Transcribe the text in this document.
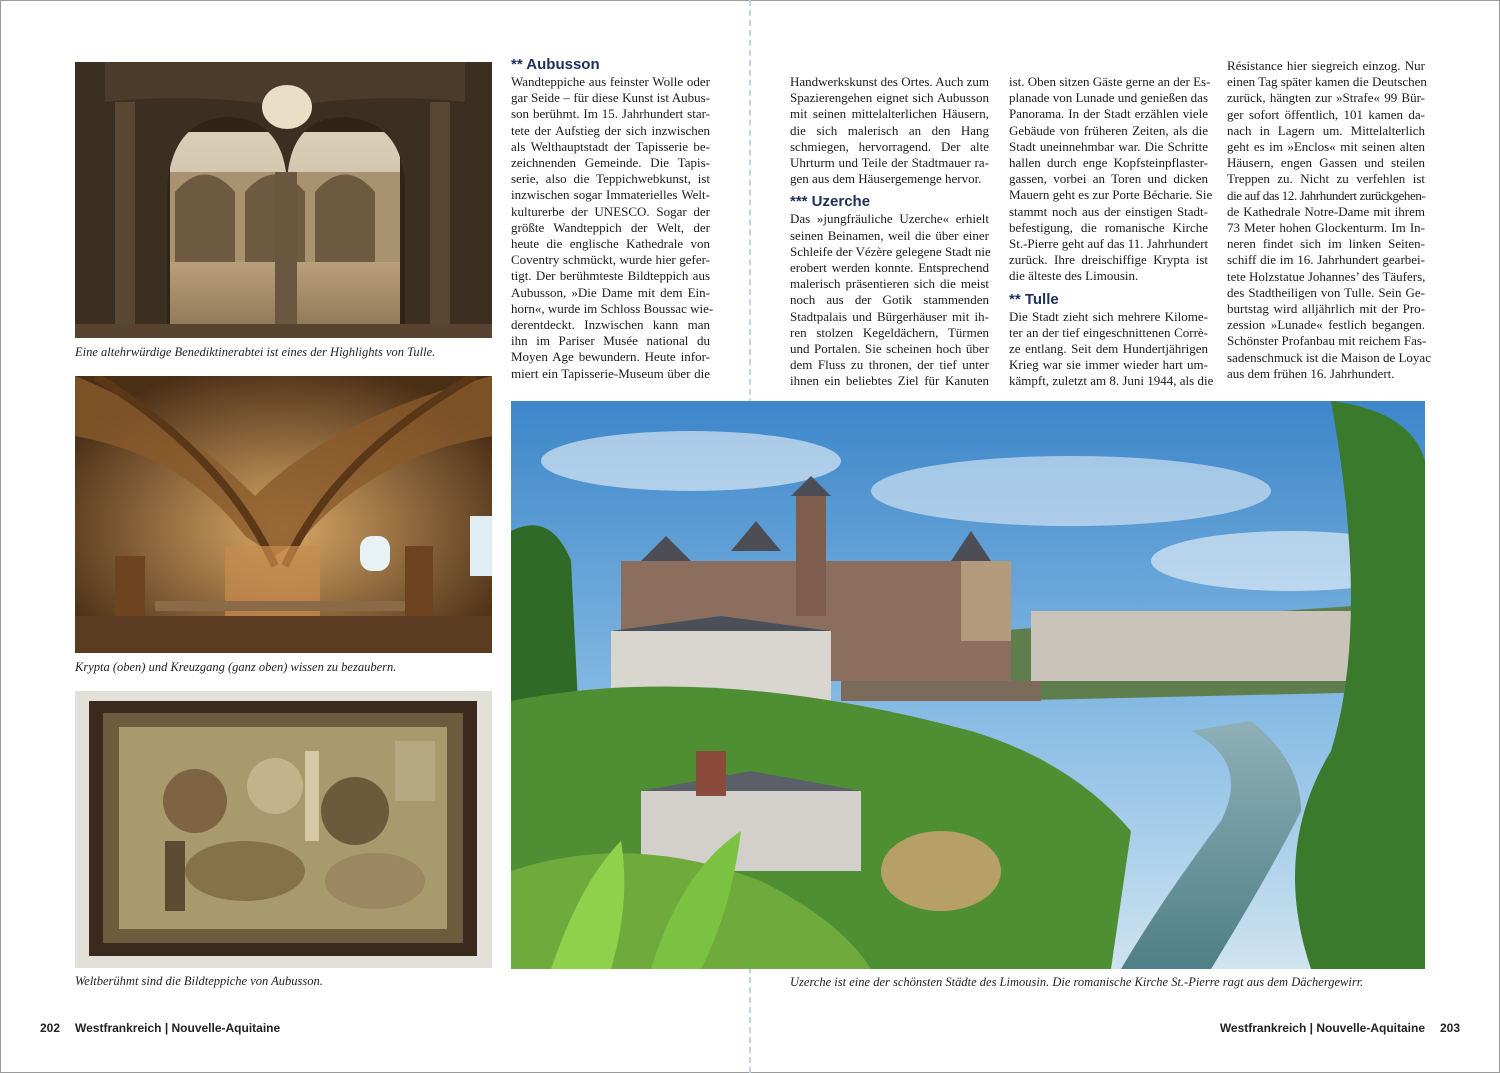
Eine altehrwürdige Benediktinerabtei ist eines der Highlights von Tulle.
Krypta (oben) und Kreuzgang (ganz oben) wissen zu bezaubern.
Weltberühmt sind die Bildteppiche von Aubusson.
** Aubusson
Wandteppiche aus feinster Wolle oder
gar Seide – für diese Kunst ist Aubus-
son berühmt. Im 15. Jahrhundert star-
tete der Aufstieg der sich inzwischen
als Welthauptstadt der Tapisserie be-
zeichnenden Gemeinde. Die Tapis-
serie, also die Teppichwebkunst, ist
inzwischen sogar Immaterielles Welt-
kulturerbe der UNESCO. Sogar der
größte Wandteppich der Welt, der
heute die englische Kathedrale von
Coventry schmückt, wurde hier gefer-
tigt. Der berühmteste Bildteppich aus
Aubusson, »Die Dame mit dem Ein-
horn«, wurde im Schloss Boussac wie-
derentdeckt. Inzwischen kann man
ihn im Pariser Musée national du
Moyen Age bewundern. Heute infor-
miert ein Tapisserie-Museum über die
Handwerkskunst des Ortes. Auch zum
Spazierengehen eignet sich Aubusson
mit seinen mittelalterlichen Häusern,
die sich malerisch an den Hang
schmiegen, hervorragend. Der alte
Uhrturm und Teile der Stadtmauer ra-
gen aus dem Häusergemenge hervor.
*** Uzerche
Das »jungfräuliche Uzerche« erhielt
seinen Beinamen, weil die über einer
Schleife der Vézère gelegene Stadt nie
erobert werden konnte. Entsprechend
malerisch präsentieren sich die meist
noch aus der Gotik stammenden
Stadtpalais und Bürgerhäuser mit ih-
ren stolzen Kegeldächern, Türmen
und Portalen. Sie scheinen hoch über
dem Fluss zu thronen, der tief unter
ihnen ein beliebtes Ziel für Kanuten
ist. Oben sitzen Gäste gerne an der Es-
planade von Lunade und genießen das
Panorama. In der Stadt erzählen viele
Gebäude von früheren Zeiten, als die
Stadt uneinnehmbar war. Die Schritte
hallen durch enge Kopfsteinpflaster-
gassen, vorbei an Toren und dicken
Mauern geht es zur Porte Bécharie. Sie
stammt noch aus der einstigen Stadt-
befestigung, die romanische Kirche
St.-Pierre geht auf das 11. Jahrhundert
zurück. Ihre dreischiffige Krypta ist
die älteste des Limousin.
** Tulle
Die Stadt zieht sich mehrere Kilome-
ter an der tief eingeschnittenen Corrè-
ze entlang. Seit dem Hundertjährigen
Krieg war sie immer wieder hart um-
kämpft, zuletzt am 8. Juni 1944, als die
Résistance hier siegreich einzog. Nur
einen Tag später kamen die Deutschen
zurück, hängten zur »Strafe« 99 Bür-
ger sofort öffentlich, 101 kamen da-
nach in Lagern um. Mittelalterlich
geht es im »Enclos« mit seinen alten
Häusern, engen Gassen und steilen
Treppen zu. Nicht zu verfehlen ist
die auf das 12. Jahrhundert zurückgehen-
de Kathedrale Notre-Dame mit ihrem
73 Meter hohen Glockenturm. Im In-
neren findet sich im linken Seiten-
schiff die im 16. Jahrhundert gearbei-
tete Holzstatue Johannes’ des Täufers,
des Stadtheiligen von Tulle. Sein Ge-
burtstag wird alljährlich mit der Pro-
zession »Lunade« festlich begangen.
Schönster Profanbau mit reichem Fas-
sadenschmuck ist die Maison de Loyac
aus dem frühen 16. Jahrhundert.
Uzerche ist eine der schönsten Städte des Limousin. Die romanische Kirche St.-Pierre ragt aus dem Dächergewirr.
202 Westfrankreich | Nouvelle-Aquitaine	Westfrankreich | Nouvelle-Aquitaine 203
